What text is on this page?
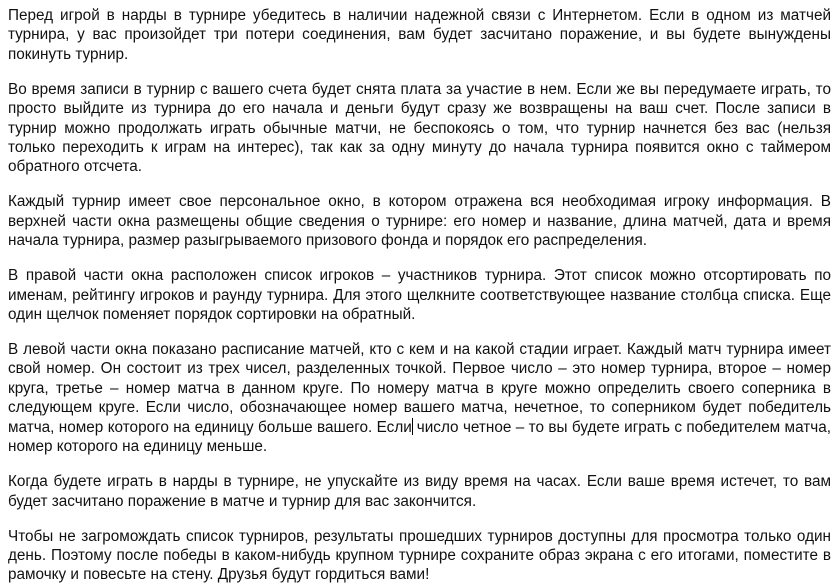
Перед игрой в нарды в турнире убедитесь в наличии надежной связи с Интернетом. Если в одном из матчей турнира, у вас произойдет три потери соединения, вам будет засчитано поражение, и вы будете вынуждены покинуть турнир.

Во время записи в турнир с вашего счета будет снята плата за участие в нем. Если же вы передумаете играть, то просто выйдите из турнира до его начала и деньги будут сразу же возвращены на ваш счет. После записи в турнир можно продолжать играть обычные матчи, не беспокоясь о том, что турнир начнется без вас (нельзя только переходить к играм на интерес), так как за одну минуту до начала турнира появится окно с таймером обратного отсчета.

Каждый турнир имеет свое персональное окно, в котором отражена вся необходимая игроку информация. В верхней части окна размещены общие сведения о турнире: его номер и название, длина матчей, дата и время начала турнира, размер разыгрываемого призового фонда и порядок его распределения.

В правой части окна расположен список игроков – участников турнира. Этот список можно отсортировать по именам, рейтингу игроков и раунду турнира. Для этого щелкните соответствующее название столбца списка. Еще один щелчок поменяет порядок сортировки на обратный.

В левой части окна показано расписание матчей, кто с кем и на какой стадии играет. Каждый матч турнира имеет свой номер. Он состоит из трех чисел, разделенных точкой. Первое число – это номер турнира, второе – номер круга, третье – номер матча в данном круге. По номеру матча в круге можно определить своего соперника в следующем круге. Если число, обозначающее номер вашего матча, нечетное, то соперником будет победитель матча, номер которого на единицу больше вашего. Если число четное – то вы будете играть с победителем матча, номер которого на единицу меньше.

Когда будете играть в нарды в турнире, не упускайте из виду время на часах. Если ваше время истечет, то вам будет засчитано поражение в матче и турнир для вас закончится.

Чтобы не загромождать список турниров, результаты прошедших турниров доступны для просмотра только один день. Поэтому после победы в каком-нибудь крупном турнире сохраните образ экрана с его итогами, поместите в рамочку и повесьте на стену. Друзья будут гордиться вами!
